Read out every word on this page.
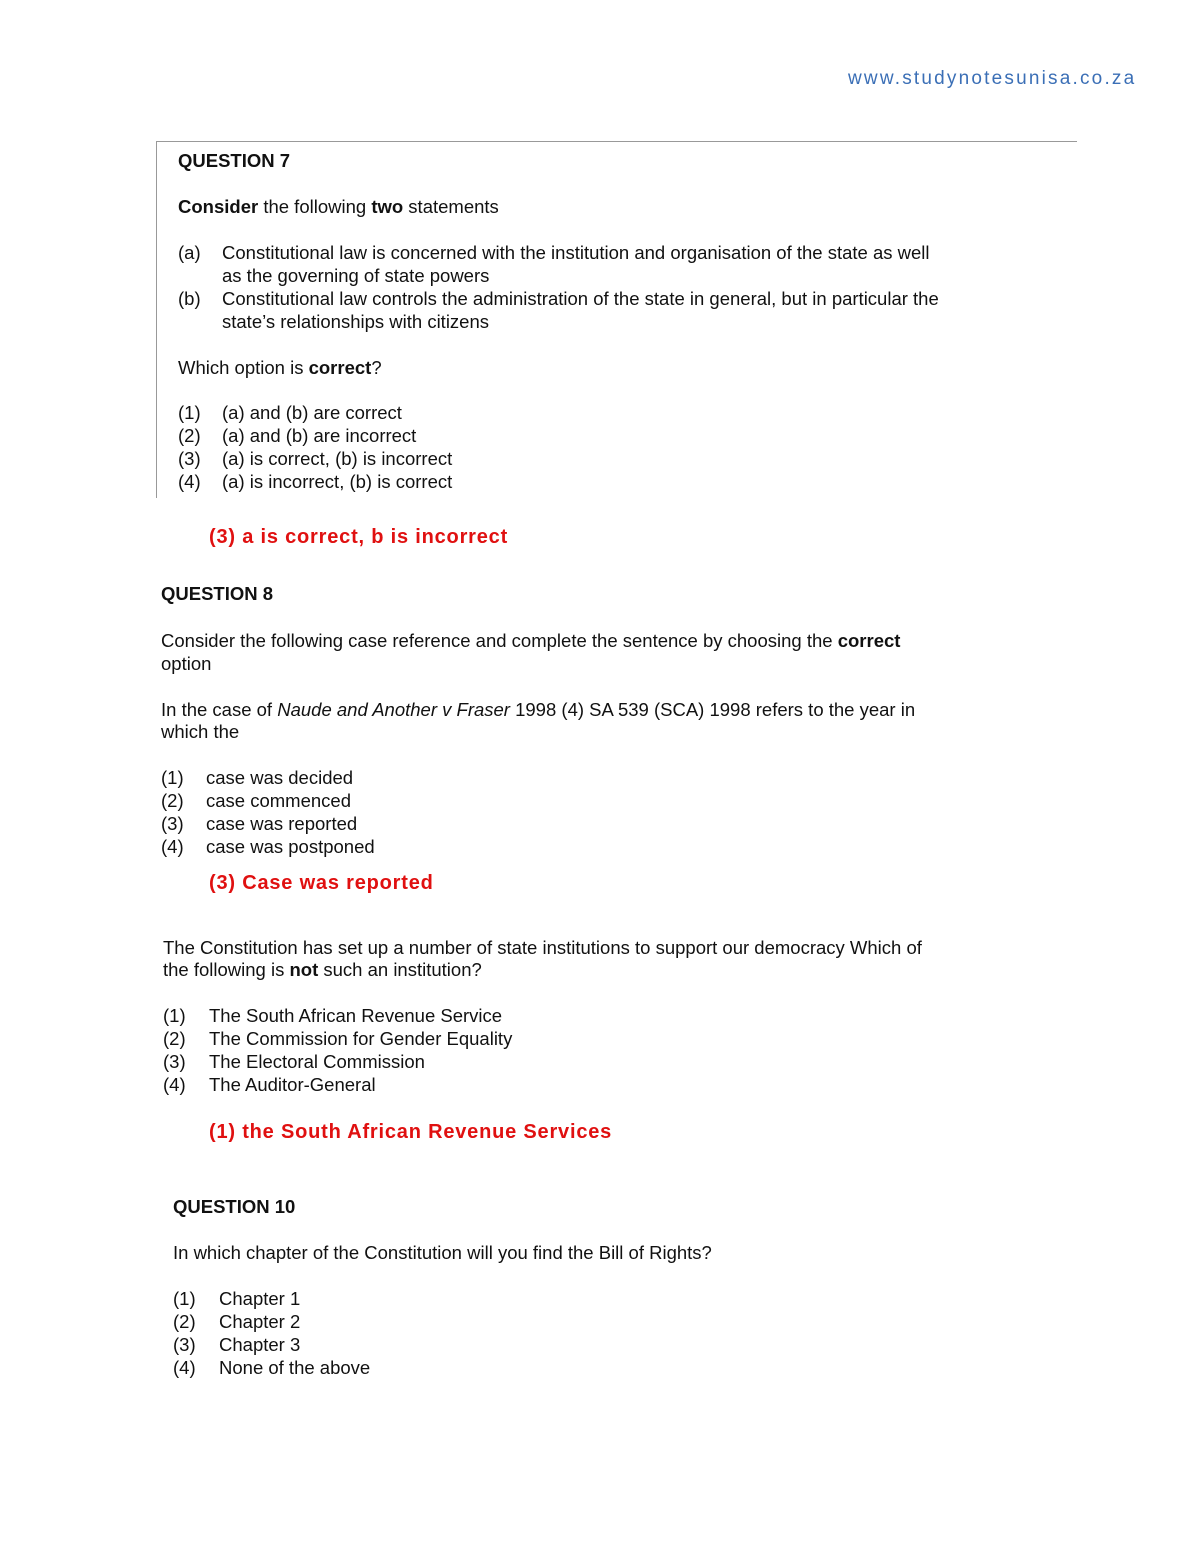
www.studynotesunisa.co.za
QUESTION 7
Consider the following two statements
(a) Constitutional law is concerned with the institution and organisation of the state as well
as the governing of state powers
(b) Constitutional law controls the administration of the state in general, but in particular the
state’s relationships with citizens
Which option is correct?
(1) (a) and (b) are correct
(2) (a) and (b) are incorrect
(3) (a) is correct, (b) is incorrect
(4) (a) is incorrect, (b) is correct
(3) a is correct, b is incorrect
QUESTION 8
Consider the following case reference and complete the sentence by choosing the correct
option
In the case of Naude and Another v Fraser 1998 (4) SA 539 (SCA) 1998 refers to the year in
which the
(1) case was decided
(2) case commenced
(3) case was reported
(4) case was postponed
(3) Case was reported
The Constitution has set up a number of state institutions to support our democracy Which of
the following is not such an institution?
(1) The South African Revenue Service
(2) The Commission for Gender Equality
(3) The Electoral Commission
(4) The Auditor-General
(1) the South African Revenue Services
QUESTION 10
In which chapter of the Constitution will you find the Bill of Rights?
(1) Chapter 1
(2) Chapter 2
(3) Chapter 3
(4) None of the above
